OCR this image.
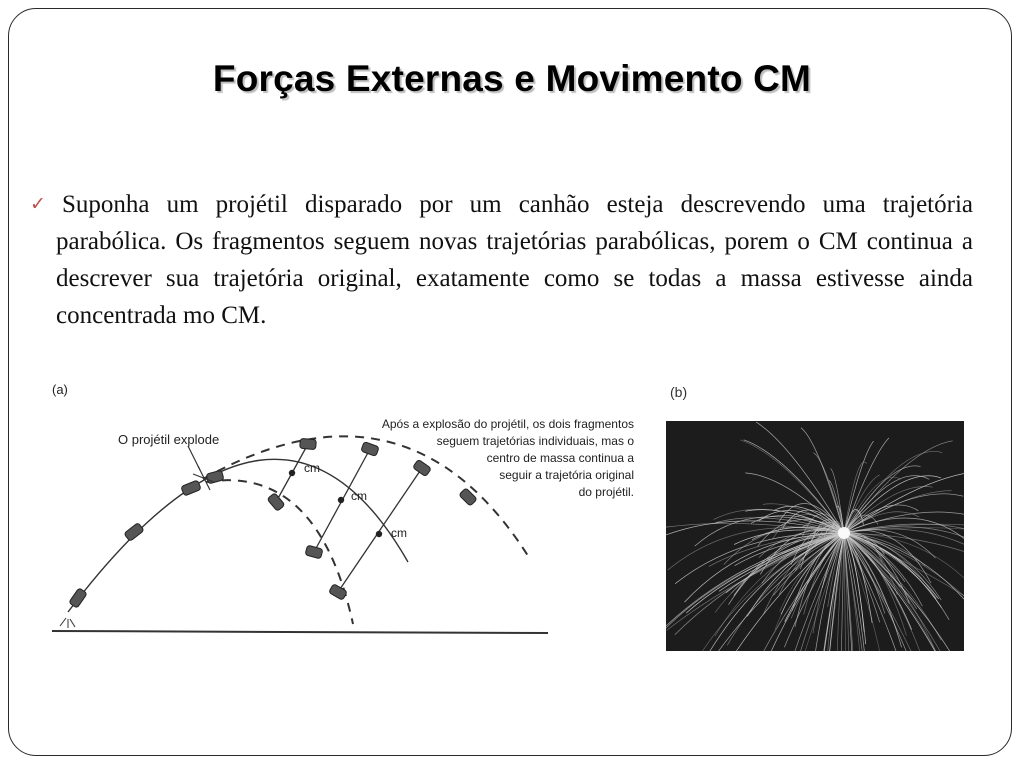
Forças Externas e Movimento CM
✓ Suponha um projétil disparado por um canhão esteja descrevendo uma trajetória parabólica. Os fragmentos seguem novas trajetórias parabólicas, porem o CM continua a descrever sua trajetória original, exatamente como se todas a massa estivesse ainda concentrada mo CM.
(a)
cm
cm
cm
O projétil explode
Após a explosão do projétil, os dois fragmentos
seguem trajetórias individuais, mas o
centro de massa continua a
seguir a trajetória original
do projétil.
(b)
